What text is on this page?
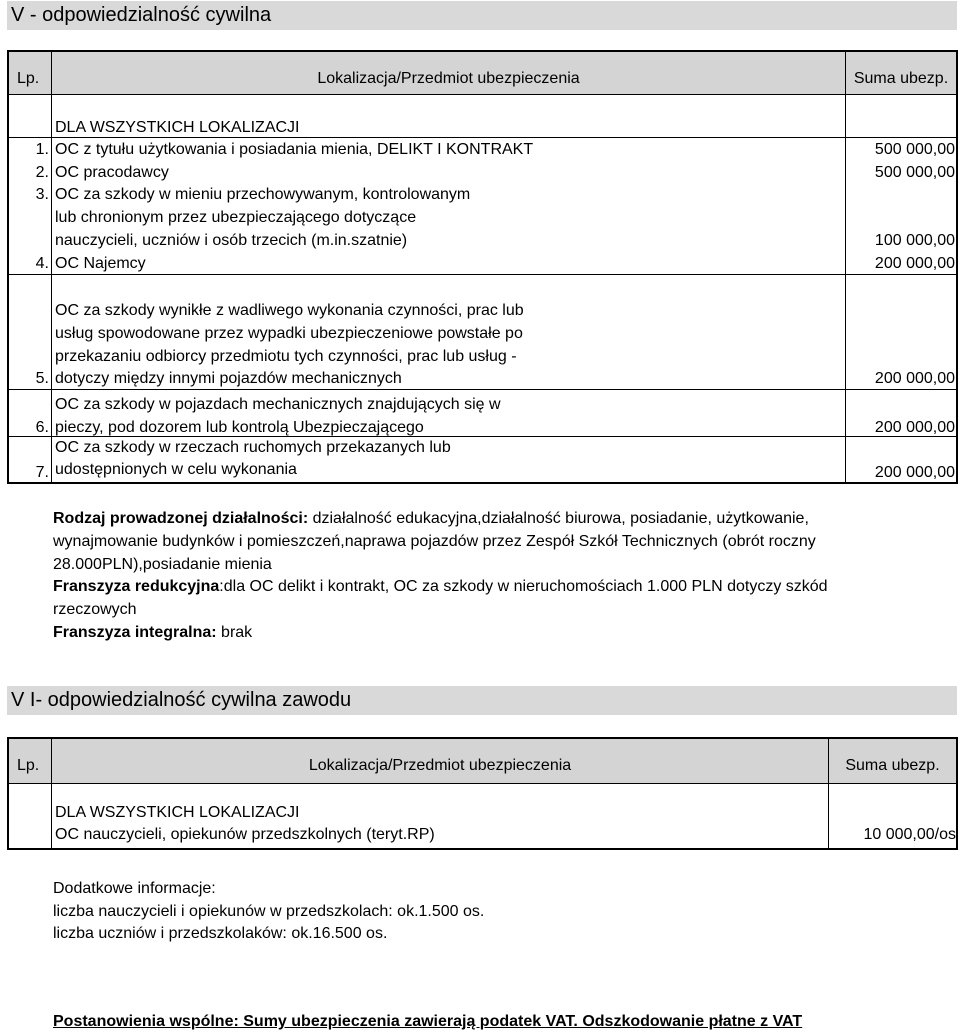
V - odpowiedzialność cywilna
Lp.	Lokalizacja/Przedmiot ubezpieczenia	Suma ubezp.
DLA WSZYSTKICH LOKALIZACJI
1. OC z tytułu użytkowania i posiadania mienia, DELIKT I KONTRAKT	500 000,00
2. OC pracodawcy	500 000,00
3. OC za szkody w mieniu przechowywanym, kontrolowanym
lub chronionym przez ubezpieczającego dotyczące
nauczycieli, uczniów i osób trzecich (m.in.szatnie)	100 000,00
4. OC Najemcy	200 000,00
OC za szkody wynikłe z wadliwego wykonania czynności, prac lub
usług spowodowane przez wypadki ubezpieczeniowe powstałe po
przekazaniu odbiorcy przedmiotu tych czynności, prac lub usług -
5. dotyczy między innymi pojazdów mechanicznych	200 000,00
OC za szkody w pojazdach mechanicznych znajdujących się w
6. pieczy, pod dozorem lub kontrolą Ubezpieczającego	200 000,00
OC za szkody w rzeczach ruchomych przekazanych lub
7. udostępnionych w celu wykonania	200 000,00
Rodzaj prowadzonej działalności: działalność edukacyjna,działalność biurowa, posiadanie, użytkowanie,
wynajmowanie budynków i pomieszczeń,naprawa pojazdów przez Zespół Szkół Technicznych (obrót roczny
28.000PLN),posiadanie mienia
Franszyza redukcyjna:dla OC delikt i kontrakt, OC za szkody w nieruchomościach 1.000 PLN dotyczy szkód
rzeczowych
Franszyza integralna: brak
V I- odpowiedzialność cywilna zawodu
Lp.	Lokalizacja/Przedmiot ubezpieczenia	Suma ubezp.
DLA WSZYSTKICH LOKALIZACJI
OC nauczycieli, opiekunów przedszkolnych (teryt.RP)	10 000,00/os
Dodatkowe informacje:
liczba nauczycieli i opiekunów w przedszkolach: ok.1.500 os.
liczba uczniów i przedszkolaków: ok.16.500 os.
Postanowienia wspólne: Sumy ubezpieczenia zawierają podatek VAT. Odszkodowanie płatne z VAT
